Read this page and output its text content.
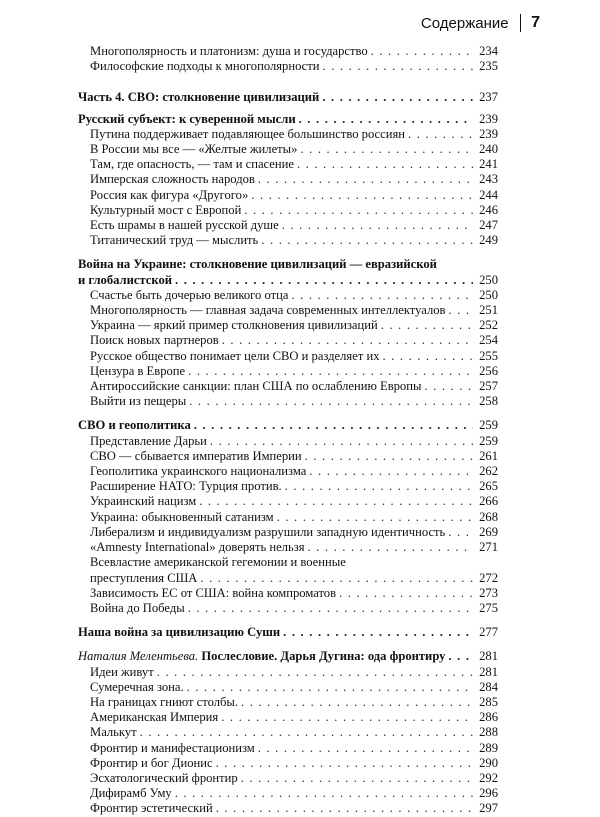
Содержание 7
Многополярность и платонизм: душа и государство . . .	234
Философские подходы к многополярности . . .	235
Часть 4. СВО: столкновение цивилизаций . . .	237
Русский субъект: к суверенной мысли . . .	239
Путина поддерживает подавляющее большинство россиян . . .	239
В России мы все — «Желтые жилеты» . . .	240
Там, где опасность, — там и спасение . . .	241
Имперская сложность народов . . .	243
Россия как фигура «Другого» . . .	244
Культурный мост с Европой . . .	246
Есть шрамы в нашей русской душе . . .	247
Титанический труд — мыслить . . .	249
Война на Украине: столкновение цивилизаций — евразийской
и глобалистской . . .	250
Счастье быть дочерью великого отца . . .	250
Многополярность — главная задача современных интеллектуалов . . .	251
Украина — яркий пример столкновения цивилизаций . . .	252
Поиск новых партнеров . . .	254
Русское общество понимает цели СВО и разделяет их . . .	255
Цензура в Европе . . .	256
Антироссийские санкции: план США по ослаблению Европы . . .	257
Выйти из пещеры . . .	258
СВО и геополитика . . .	259
Представление Дарьи . . .	259
СВО — сбывается императив Империи . . .	261
Геополитика украинского национализма . . .	262
Расширение НАТО: Турция против. . . .	265
Украинский нацизм . . .	266
Украина: обыкновенный сатанизм . . .	268
Либерализм и индивидуализм разрушили западную идентичность . . .	269
«Amnesty International» доверять нельзя . . .	271
Всевластие американской гегемонии и военные
преступления США . . .	272
Зависимость ЕС от США: война компроматов . . .	273
Война до Победы . . .	275
Наша война за цивилизацию Суши . . .	277
Наталия Мелентьева. Послесловие. Дарья Дугина: ода фронтиру . . .	281
Идеи живут . . .	281
Сумеречная зона. . . .	284
На границах гниют столбы. . . .	285
Американская Империя . . .	286
Малькут . . .	288
Фронтир и манифестационизм . . .	289
Фронтир и бог Дионис . . .	290
Эсхатологический фронтир . . .	292
Дифирамб Уму . . .	296
Фронтир эстетический . . .	297
